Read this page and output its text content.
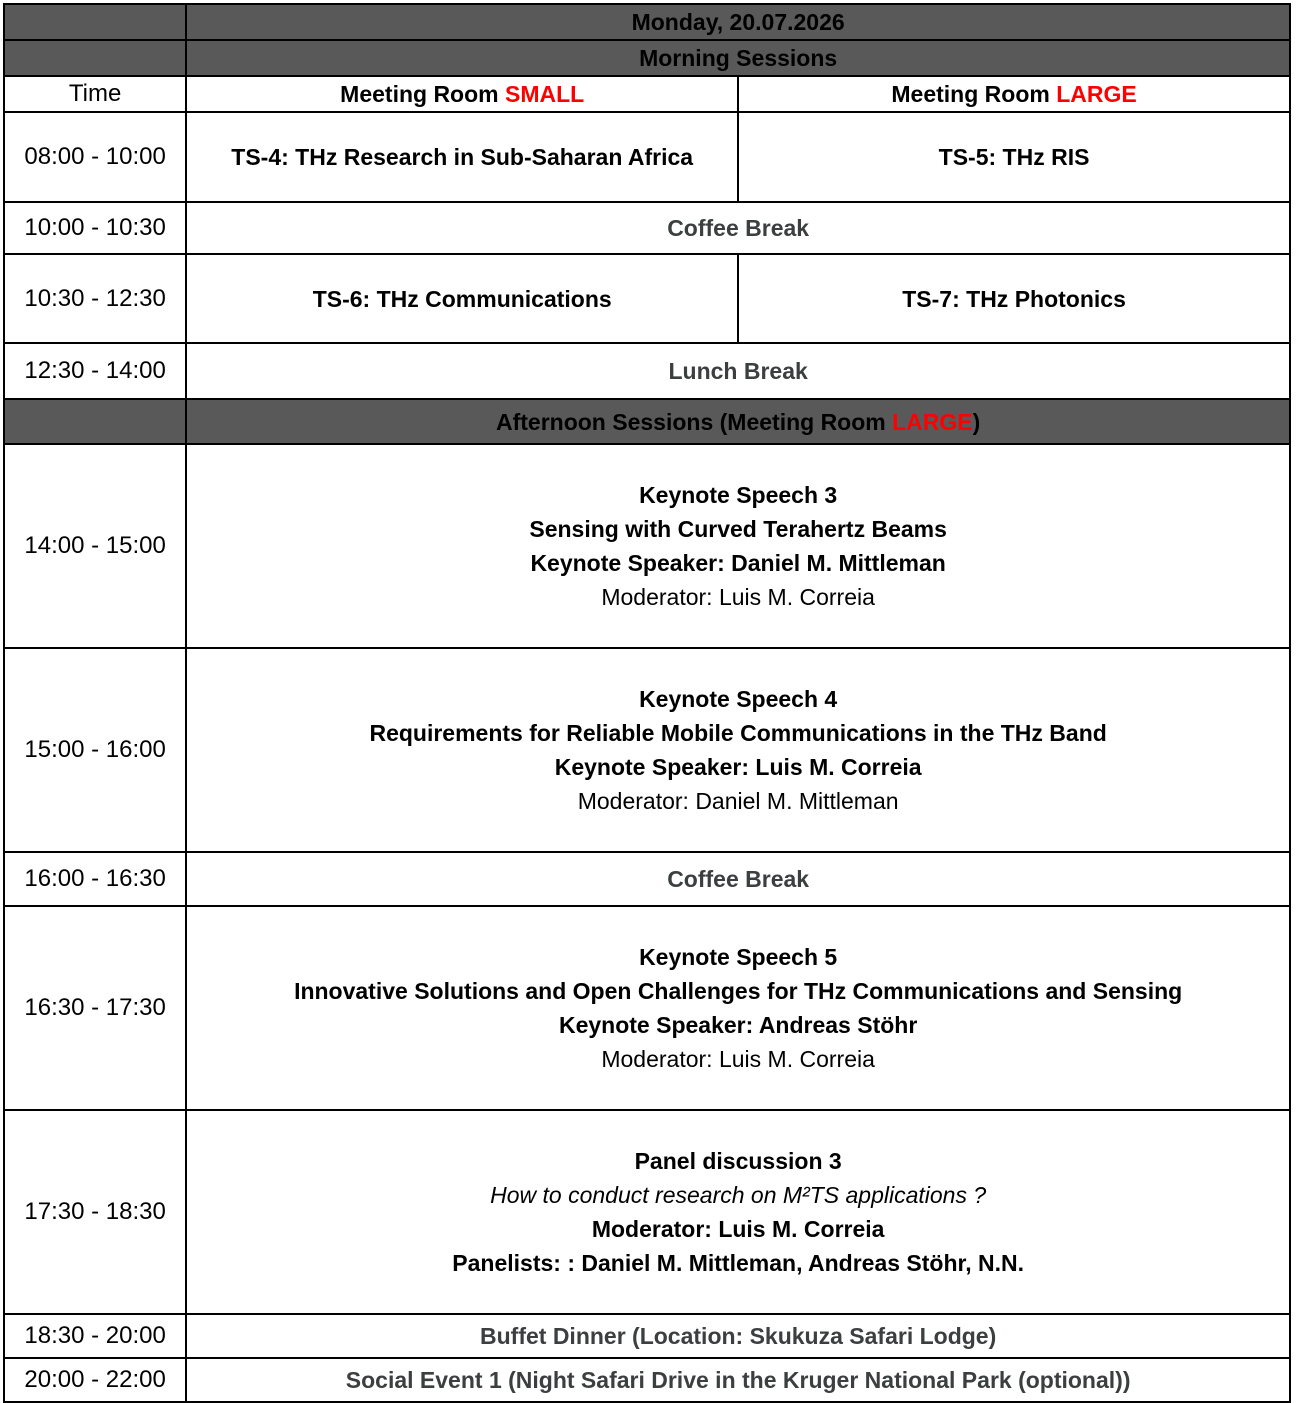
	Monday, 20.07.2026	
	Morning Sessions	
Time	Meeting Room SMALL	Meeting Room LARGE
08:00 - 10:00	TS-4: THz Research in Sub-Saharan Africa	TS-5: THz RIS
10:00 - 10:30	Coffee Break	
10:30 - 12:30	TS-6: THz Communications	TS-7: THz Photonics
12:30 - 14:00	Lunch Break	
	Afternoon Sessions (Meeting Room LARGE)	
14:00 - 15:00	Keynote Speech 3
Sensing with Curved Terahertz Beams
Keynote Speaker: Daniel M. Mittleman
Moderator: Luis M. Correia	

15:00 - 16:00	Keynote Speech 4
Requirements for Reliable Mobile Communications in the THz Band
Keynote Speaker: Luis M. Correia
Moderator: Daniel M. Mittleman	

16:00 - 16:30	Coffee Break	
16:30 - 17:30	Keynote Speech 5
Innovative Solutions and Open Challenges for THz Communications and Sensing
Keynote Speaker: Andreas Stöhr
Moderator: Luis M. Correia	

17:30 - 18:30	Panel discussion 3
How to conduct research on M²TS applications ?
Moderator: Luis M. Correia
Panelists: : Daniel M. Mittleman, Andreas Stöhr, N.N.	

18:30 - 20:00	Buffet Dinner (Location: Skukuza Safari Lodge)	
20:00 - 22:00	Social Event 1 (Night Safari Drive in the Kruger National Park (optional))	
